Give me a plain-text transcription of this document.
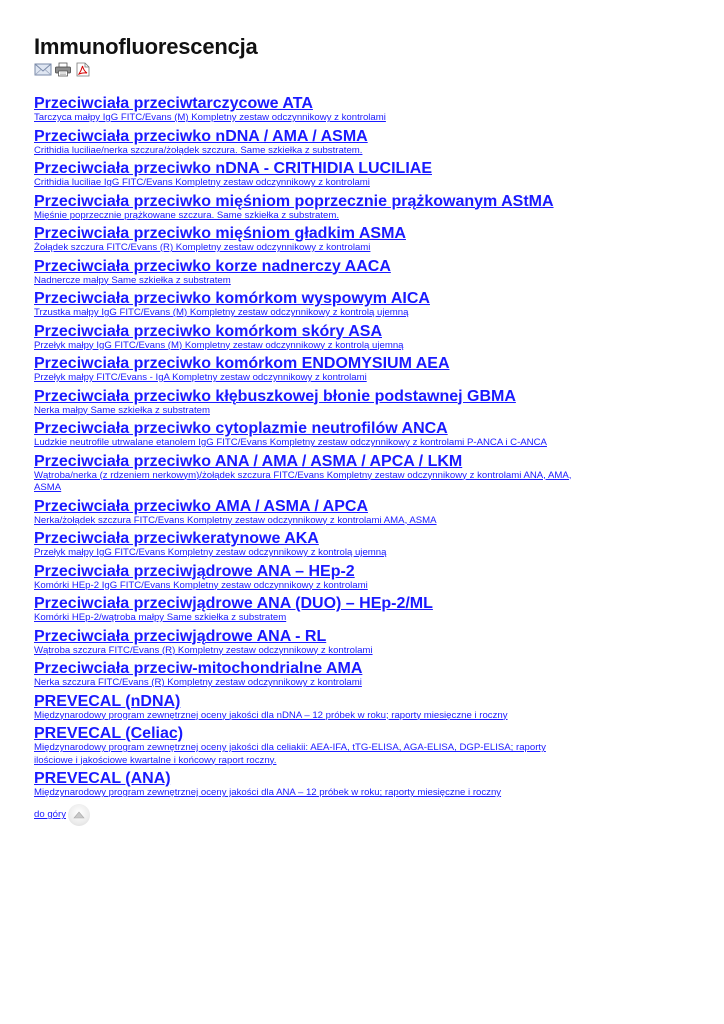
Immunofluorescencja
Przeciwciała przeciwtarczycowe ATA
Tarczyca małpy IgG FITC/Evans (M) Kompletny zestaw odczynnikowy z kontrolami
Przeciwciała przeciwko nDNA / AMA / ASMA
Crithidia luciliae/nerka szczura/żołądek szczura. Same szkiełka z substratem.
Przeciwciała przeciwko nDNA - CRITHIDIA LUCILIAE
Crithidia luciliae IgG FITC/Evans Kompletny zestaw odczynnikowy z kontrolami
Przeciwciała przeciwko mięśniom poprzecznie prążkowanym AStMA
Mięśnie poprzecznie prążkowane szczura. Same szkiełka z substratem.
Przeciwciała przeciwko mięśniom gładkim ASMA
Żołądek szczura FITC/Evans (R) Kompletny zestaw odczynnikowy z kontrolami
Przeciwciała przeciwko korze nadnerczy AACA
Nadnercze małpy Same szkiełka z substratem
Przeciwciała przeciwko komórkom wyspowym AICA
Trzustka małpy IgG FITC/Evans (M) Kompletny zestaw odczynnikowy z kontrolą ujemną
Przeciwciała przeciwko komórkom skóry ASA
Przełyk małpy IgG FITC/Evans (M) Kompletny zestaw odczynnikowy z kontrolą ujemną
Przeciwciała przeciwko komórkom ENDOMYSIUM AEA
Przełyk małpy FITC/Evans - IgA Kompletny zestaw odczynnikowy z kontrolami
Przeciwciała przeciwko kłębuszkowej błonie podstawnej GBMA
Nerka małpy Same szkiełka z substratem
Przeciwciała przeciwko cytoplazmie neutrofilów ANCA
Ludzkie neutrofile utrwalane etanolem IgG FITC/Evans Kompletny zestaw odczynnikowy z kontrolami P-ANCA i C-ANCA
Przeciwciała przeciwko ANA / AMA / ASMA / APCA / LKM
Wątroba/nerka (z rdzeniem nerkowym)/żołądek szczura FITC/Evans Kompletny zestaw odczynnikowy z kontrolami ANA, AMA, ASMA
Przeciwciała przeciwko AMA / ASMA / APCA
Nerka/żołądek szczura FITC/Evans Kompletny zestaw odczynnikowy z kontrolami AMA, ASMA
Przeciwciała przeciwkeratynowe AKA
Przełyk małpy IgG FITC/Evans Kompletny zestaw odczynnikowy z kontrolą ujemną
Przeciwciała przeciwjądrowe ANA – HEp-2
Komórki HEp-2 IgG FITC/Evans Kompletny zestaw odczynnikowy z kontrolami
Przeciwciała przeciwjądrowe ANA (DUO) – HEp-2/ML
Komórki HEp-2/wątroba małpy Same szkiełka z substratem
Przeciwciała przeciwjądrowe ANA - RL
Wątroba szczura FITC/Evans (R) Kompletny zestaw odczynnikowy z kontrolami
Przeciwciała przeciw-mitochondrialne AMA
Nerka szczura FITC/Evans (R) Kompletny zestaw odczynnikowy z kontrolami
PREVECAL (nDNA)
Międzynarodowy program zewnętrznej oceny jakości dla nDNA – 12 próbek w roku; raporty miesięczne i roczny
PREVECAL (Celiac)
Międzynarodowy program zewnętrznej oceny jakości dla celiakii: AEA-IFA, tTG-ELISA, AGA-ELISA, DGP-ELISA; raporty ilościowe i jakościowe kwartalne i końcowy raport roczny.
PREVECAL (ANA)
Międzynarodowy program zewnętrznej oceny jakości dla ANA – 12 próbek w roku; raporty miesięczne i roczny
do góry
